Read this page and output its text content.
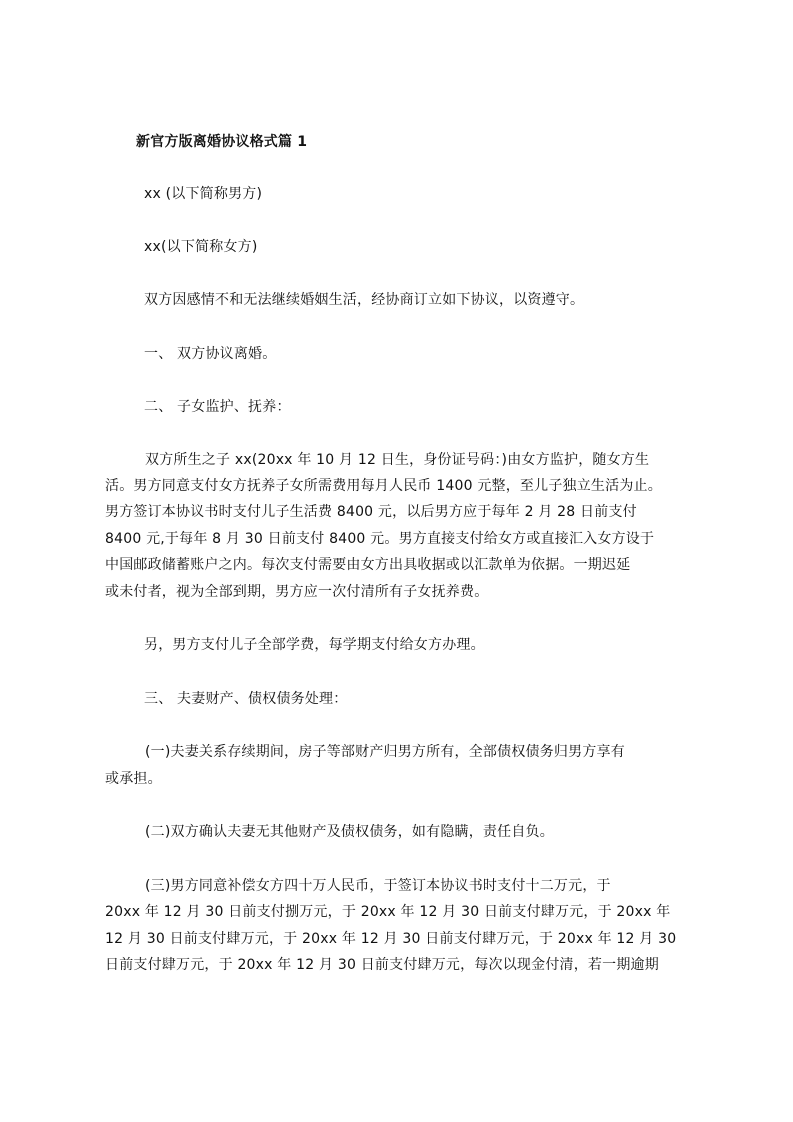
新官方版离婚协议格式篇 1
xx (以下简称男方)
xx(以下简称女方)
双方因感情不和无法继续婚姻生活，经协商订立如下协议，以资遵守。
一、 双方协议离婚。
二、 子女监护、抚养：
双方所生之子 xx(20xx 年 10 月 12 日生，身份证号码：)由女方监护，随女方生
活。男方同意支付女方抚养子女所需费用每月人民币 1400 元整，至儿子独立生活为止。
男方签订本协议书时支付儿子生活费 8400 元，以后男方应于每年 2 月 28 日前支付
8400 元,于每年 8 月 30 日前支付 8400 元。男方直接支付给女方或直接汇入女方设于
中国邮政储蓄账户之内。每次支付需要由女方出具收据或以汇款单为依据。一期迟延
或未付者，视为全部到期，男方应一次付清所有子女抚养费。
另，男方支付儿子全部学费，每学期支付给女方办理。
三、 夫妻财产、债权债务处理：
(一)夫妻关系存续期间，房子等部财产归男方所有，全部债权债务归男方享有
或承担。
(二)双方确认夫妻无其他财产及债权债务，如有隐瞒，责任自负。
(三)男方同意补偿女方四十万人民币，于签订本协议书时支付十二万元，于
20xx 年 12 月 30 日前支付捌万元，于 20xx 年 12 月 30 日前支付肆万元，于 20xx 年
12 月 30 日前支付肆万元，于 20xx 年 12 月 30 日前支付肆万元，于 20xx 年 12 月 30
日前支付肆万元，于 20xx 年 12 月 30 日前支付肆万元，每次以现金付清，若一期逾期
